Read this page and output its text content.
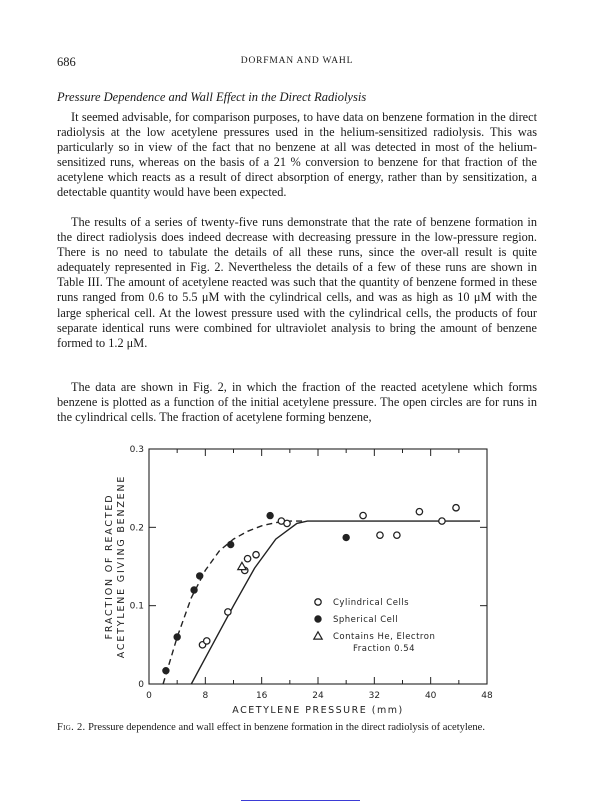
686	DORFMAN AND WAHL
Pressure Dependence and Wall Effect in the Direct Radiolysis

It seemed advisable, for comparison purposes, to have data on benzene formation in the direct radiolysis at the low acetylene pressures used in the helium-sensitized radiolysis. This was particularly so in view of the fact that no benzene at all was detected in most of the helium-sensitized runs, whereas on the basis of a 21 % conversion to benzene for that fraction of the acetylene which reacts as a result of direct absorption of energy, rather than by sensitization, a detectable quantity would have been expected.

The results of a series of twenty-five runs demonstrate that the rate of benzene formation in the direct radiolysis does indeed decrease with decreasing pressure in the low-pressure region. There is no need to tabulate the details of all these runs, since the over-all result is quite adequately represented in Fig. 2. Nevertheless the details of a few of these runs are shown in Table III. The amount of acetylene reacted was such that the quantity of benzene formed in these runs ranged from 0.6 to 5.5 μM with the cylindrical cells, and was as high as 10 μM with the large spherical cell. At the lowest pressure used with the cylindrical cells, the products of four separate identical runs were combined for ultraviolet analysis to bring the amount of benzene formed to 1.2 μM.

The data are shown in Fig. 2, in which the fraction of the reacted acetylene which forms benzene is plotted as a function of the initial acetylene pressure. The open circles are for runs in the cylindrical cells. The fraction of acetylene forming benzene,

Cylindrical Cells
Spherical Cell
Contains He, Electron
Fraction 0.54
0	8	16	24	32	40	48
0
0.1
0.2
0.3
ACETYLENE PRESSURE (mm)
FRACTION OF REACTED ACETYLENE GIVING BENZENE
Fig. 2. Pressure dependence and wall effect in benzene formation in the direct radiolysis of acetylene.
